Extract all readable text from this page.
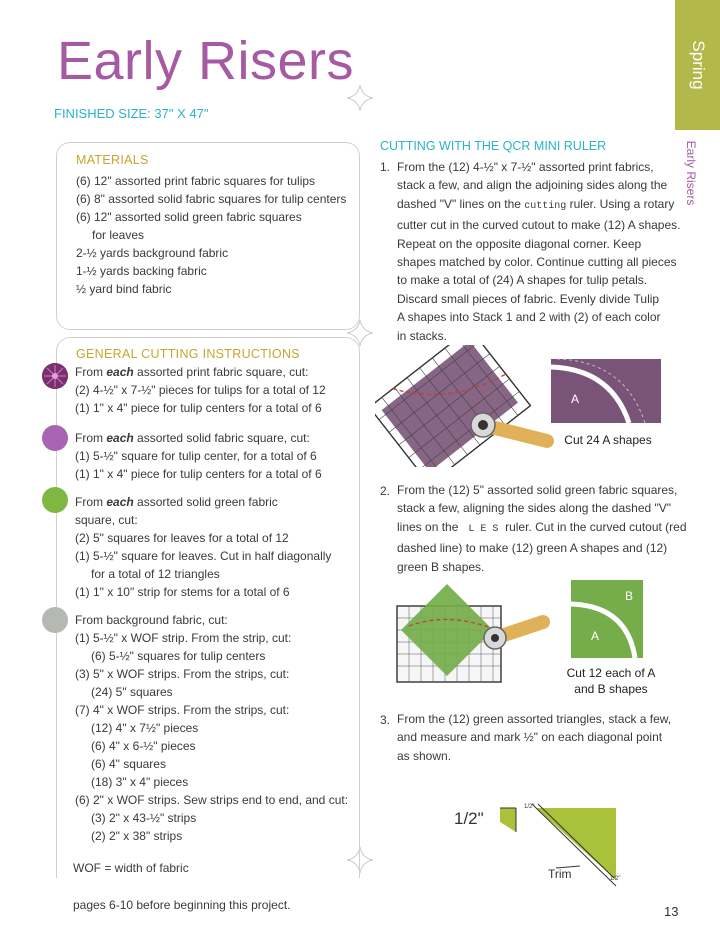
Early Risers
FINISHED SIZE: 37" X 47"
Spring
Early Risers
MATERIALS
(6) 12" assorted print fabric squares for tulips
(6) 8" assorted solid fabric squares for tulip centers
(6) 12" assorted solid green fabric squares
for leaves
2-½ yards background fabric
1-½ yards backing fabric
½ yard bind fabric
GENERAL CUTTING INSTRUCTIONS
From each assorted print fabric square, cut:
(2) 4-½" x 7-½" pieces for tulips for a total of 12
(1) 1" x 4" piece for tulip centers for a total of 6
From each assorted solid fabric square, cut:
(1) 5-½" square for tulip center, for a total of 6
(1) 1" x 4" piece for tulip centers for a total of 6
From each assorted solid green fabric
square, cut:
(2) 5" squares for leaves for a total of 12
(1) 5-½" square for leaves. Cut in half diagonally
for a total of 12 triangles
(1) 1" x 10" strip for stems for a total of 6
From background fabric, cut:
(1) 5-½" x WOF strip. From the strip, cut:
(6) 5-½" squares for tulip centers
(3) 5" x WOF strips. From the strips, cut:
(24) 5" squares
(7) 4" x WOF strips. From the strips, cut:
(12) 4" x 7½" pieces
(6) 4" x 6-½" pieces
(6) 4" squares
(18) 3" x 4" pieces
(6) 2" x WOF strips. Sew strips end to end, and cut:
(3) 2" x 43-½" strips
(2) 2" x 38" strips
WOF = width of fabric
pages 6-10 before beginning this project.
CUTTING WITH THE QCR MINI RULER
1. From the (12) 4-½" x 7-½" assorted print fabrics,
stack a few, and align the adjoining sides along the
dashed "V" lines on the cutting ruler. Using a rotary
cutter cut in the curved cutout to make (12) A shapes.
Repeat on the opposite diagonal corner. Keep
shapes matched by color. Continue cutting all pieces
to make a total of (24) A shapes for tulip petals.
Discard small pieces of fabric. Evenly divide Tulip
A shapes into Stack 1 and 2 with (2) of each color
in stacks.
A
Cut 24 A shapes
2. From the (12) 5" assorted solid green fabric squares,
stack a few, aligning the sides along the dashed "V"
lines on the L E S ruler. Cut in the curved cutout (red
dashed line) to make (12) green A shapes and (12)
green B shapes.
B
A
Cut 12 each of A
and B shapes
3. From the (12) green assorted triangles, stack a few,
and measure and mark ½" on each diagonal point
as shown.
1/2"
1/2"
1/2"
Trim
13
